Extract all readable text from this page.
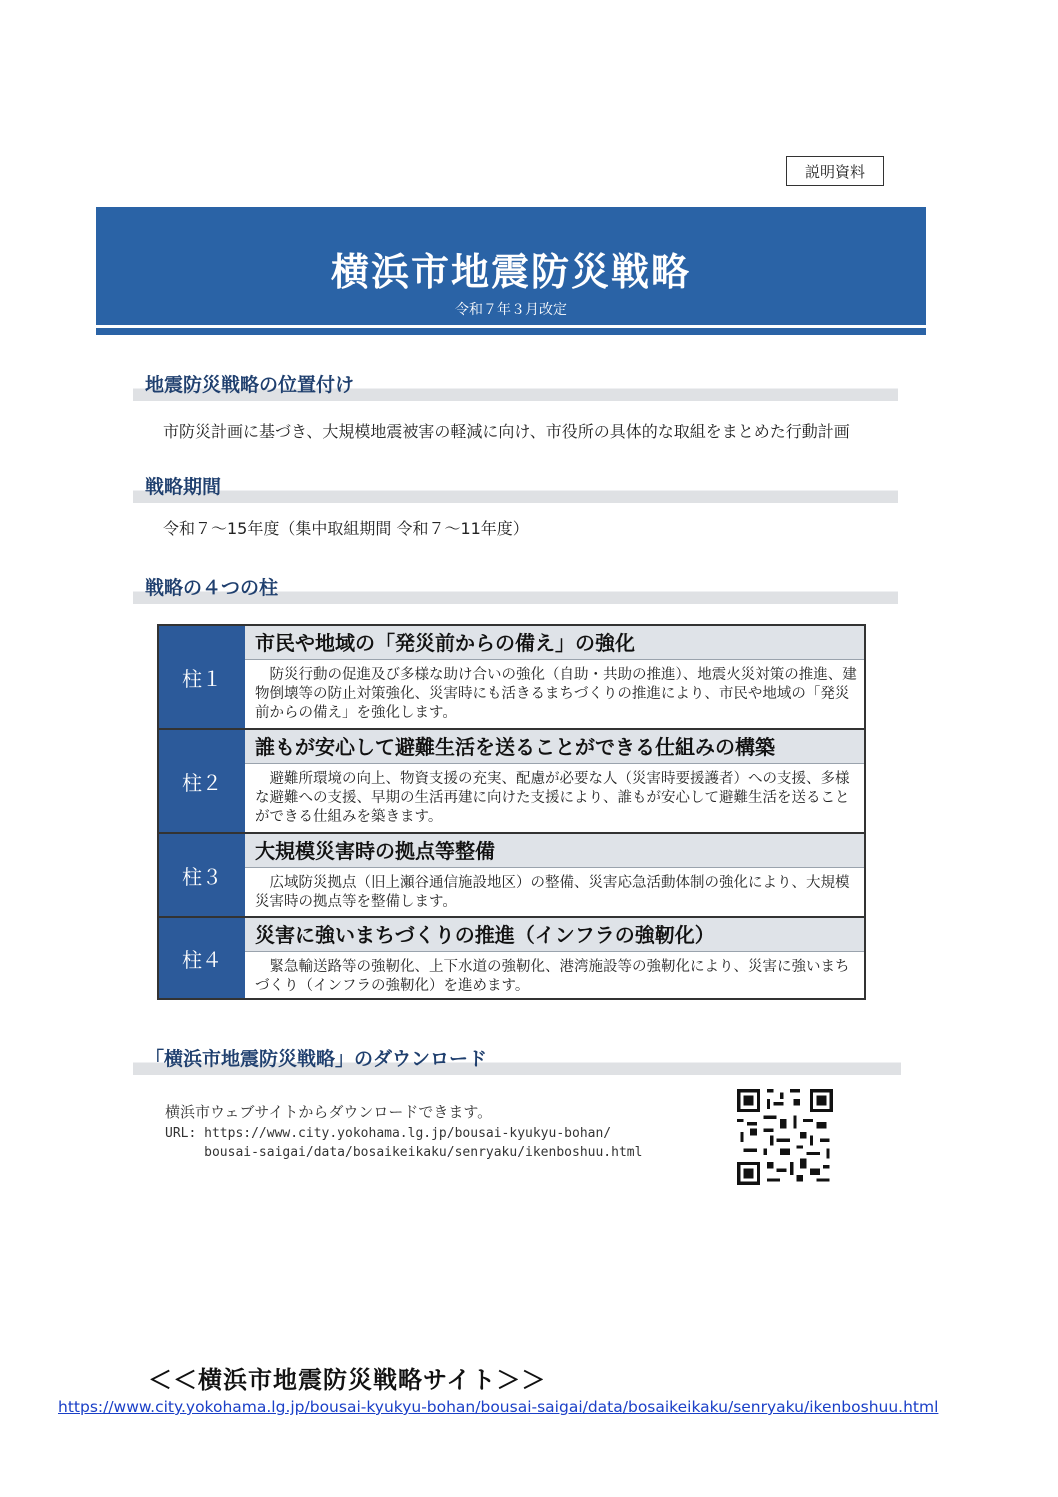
説明資料
横浜市地震防災戦略
令和７年３月改定
地震防災戦略の位置付け
市防災計画に基づき、大規模地震被害の軽減に向け、市役所の具体的な取組をまとめた行動計画
戦略期間
令和７～15年度（集中取組期間 令和７～11年度）
戦略の４つの柱
柱１
市民や地域の「発災前からの備え」の強化
防災行動の促進及び多様な助け合いの強化（自助・共助の推進）、地震火災対策の推進、建物倒壊等の防止対策強化、災害時にも活きるまちづくりの推進により、市民や地域の「発災前からの備え」を強化します。
柱２
誰もが安心して避難生活を送ることができる仕組みの構築
避難所環境の向上、物資支援の充実、配慮が必要な人（災害時要援護者）への支援、多様な避難への支援、早期の生活再建に向けた支援により、誰もが安心して避難生活を送ることができる仕組みを築きます。
柱３
大規模災害時の拠点等整備
広域防災拠点（旧上瀬谷通信施設地区）の整備、災害応急活動体制の強化により、大規模災害時の拠点等を整備します。
柱４
災害に強いまちづくりの推進（インフラの強靭化）
緊急輸送路等の強靭化、上下水道の強靭化、港湾施設等の強靭化により、災害に強いまちづくり（インフラの強靭化）を進めます。
「横浜市地震防災戦略」のダウンロード
横浜市ウェブサイトからダウンロードできます。
URL: https://www.city.yokohama.lg.jp/bousai-kyukyu-bohan/
bousai-saigai/data/bosaikeikaku/senryaku/ikenboshuu.html
＜＜横浜市地震防災戦略サイト＞＞
https://www.city.yokohama.lg.jp/bousai-kyukyu-bohan/bousai-saigai/data/bosaikeikaku/senryaku/ikenboshuu.html
